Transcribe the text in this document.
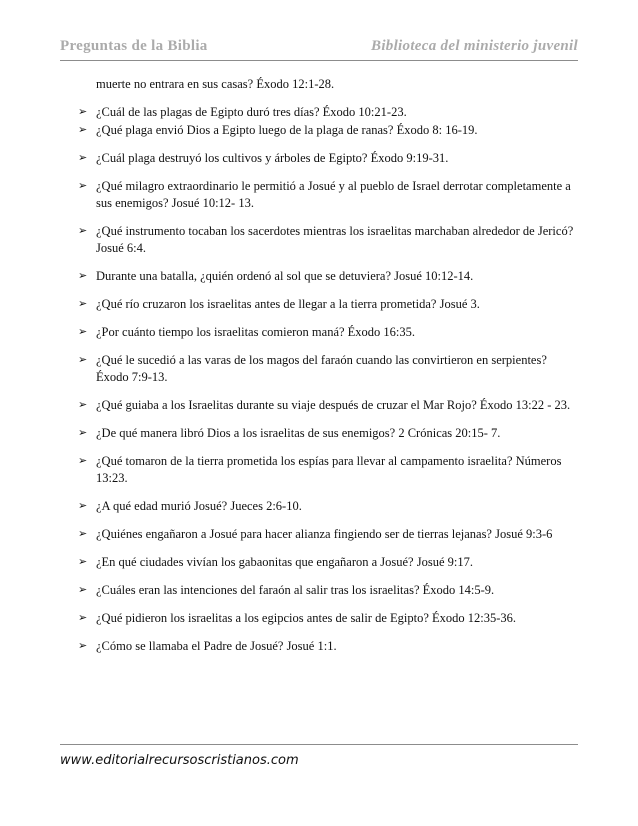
Preguntas de la Biblia	Biblioteca del ministerio juvenil
muerte no entrara en sus casas? Éxodo 12:1-28.
➢ ¿Cuál de las plagas de Egipto duró tres días? Éxodo 10:21-23.
➢ ¿Qué plaga envió Dios a Egipto luego de la plaga de ranas? Éxodo 8: 16-19.
➢ ¿Cuál plaga destruyó los cultivos y árboles de Egipto? Éxodo 9:19-31.
➢ ¿Qué milagro extraordinario le permitió a Josué y al pueblo de Israel derrotar completamente a sus enemigos? Josué 10:12- 13.
➢ ¿Qué instrumento tocaban los sacerdotes mientras los israelitas marchaban alrededor de Jericó? Josué 6:4.
➢ Durante una batalla, ¿quién ordenó al sol que se detuviera? Josué 10:12-14.
➢ ¿Qué río cruzaron los israelitas antes de llegar a la tierra prometida? Josué 3.
➢ ¿Por cuánto tiempo los israelitas comieron maná? Éxodo 16:35.
➢ ¿Qué le sucedió a las varas de los magos del faraón cuando las convirtieron en serpientes? Éxodo 7:9-13.
➢ ¿Qué guiaba a los Israelitas durante su viaje después de cruzar el Mar Rojo? Éxodo 13:22 - 23.
➢ ¿De qué manera libró Dios a los israelitas de sus enemigos? 2 Crónicas 20:15- 7.
➢ ¿Qué tomaron de la tierra prometida los espías para llevar al campamento israelita? Números 13:23.
➢ ¿A qué edad murió Josué? Jueces 2:6-10.
➢ ¿Quiénes engañaron a Josué para hacer alianza fingiendo ser de tierras lejanas? Josué 9:3-6
➢ ¿En qué ciudades vivían los gabaonitas que engañaron a Josué? Josué 9:17.
➢ ¿Cuáles eran las intenciones del faraón al salir tras los israelitas? Éxodo 14:5-9.
➢ ¿Qué pidieron los israelitas a los egipcios antes de salir de Egipto? Éxodo 12:35-36.
➢ ¿Cómo se llamaba el Padre de Josué? Josué 1:1.
www.editorialrecursoscristianos.com
